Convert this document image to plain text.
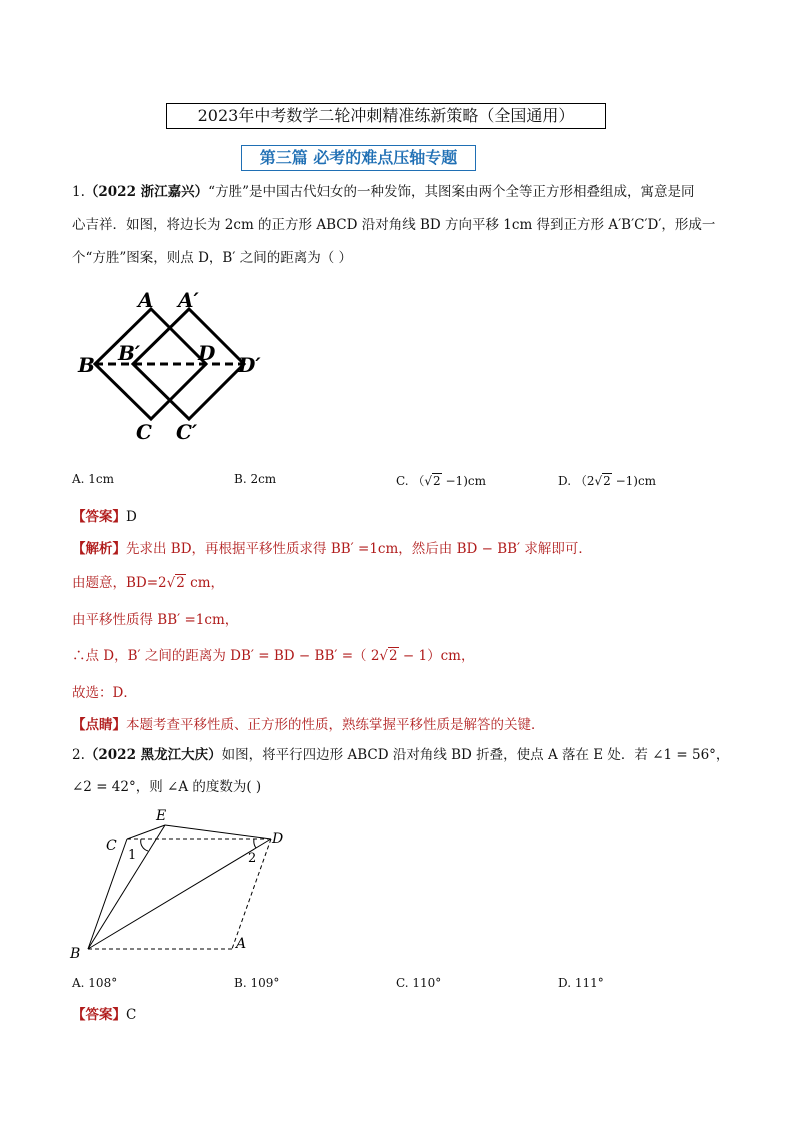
2023年中考数学二轮冲刺精准练新策略（全国通用）
第三篇 必考的难点压轴专题
1.（2022 浙江嘉兴）“方胜”是中国古代妇女的一种发饰，其图案由两个全等正方形相叠组成，寓意是同
心吉祥．如图，将边长为 2cm 的正方形 ABCD 沿对角线 BD 方向平移 1cm 得到正方形 A′B′C′D′，形成一
个“方胜”图案，则点 D，B′ 之间的距离为（ ）
A A′
B B′	D D′
C C′
A. 1cm	B. 2cm	C. （√2 −1)cm	D. （2√2 −1)cm
【答案】D
【解析】先求出 BD，再根据平移性质求得 BB′ =1cm，然后由 BD − BB′ 求解即可．
由题意，BD=2√2 cm，
由平移性质得 BB′ =1cm，
∴点 D，B′ 之间的距离为 DB′ = BD − BB′ =（ 2√2 − 1）cm，
故选：D．
【点睛】本题考查平移性质、正方形的性质，熟练掌握平移性质是解答的关键．
2.（2022 黑龙江大庆）如图，将平行四边形 ABCD 沿对角线 BD 折叠，使点 A 落在 E 处．若 ∠1 = 56°，
∠2 = 42°，则 ∠A 的度数为( )
E
C	D
B
A
1	2
A. 108°	B. 109°	C. 110°	D. 111°
【答案】C
